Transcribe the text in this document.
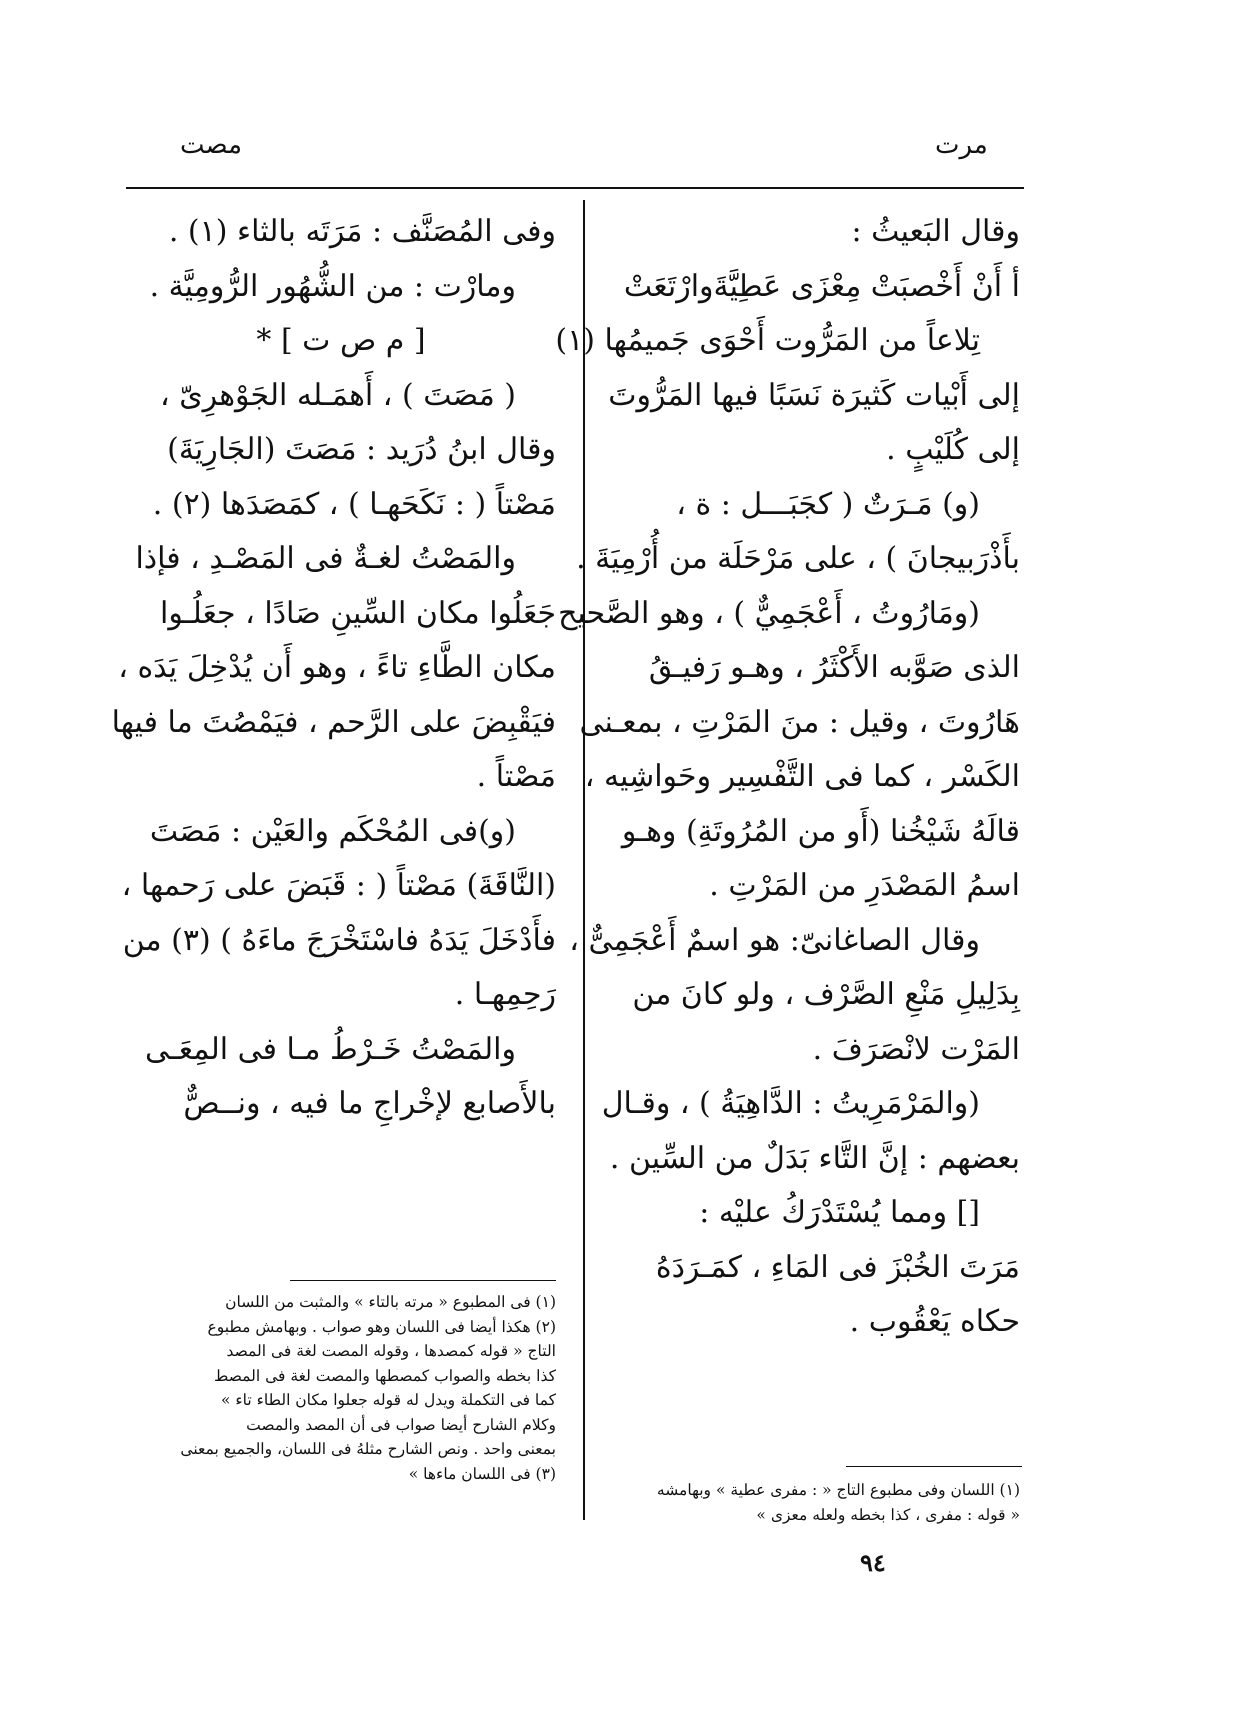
مرت
مصت

وقال البَعيثُ :

أ أَنْ أَخْصبَتْ مِعْزَى عَطِيَّةَوارْتَعَتْ

تِلاعاً من المَرُّوت أَحْوَى جَميمُها (١)

إلى أَبْيات كَثيرَة نَسَبًا فيها المَرُّوتَ

إلى كُلَيْبٍ .

(و) مَـرَتٌ ( كجَبَـــل : ة ،

بأَذْرَبيجانَ ) ، على مَرْحَلَة من أُرْمِيَةَ .

(ومَارُوتُ ، أَعْجَمِيٌّ ) ، وهو الصَّحيح

الذى صَوَّبه الأَكْثَرُ ، وهـو رَفيـقُ

هَارُوتَ ، وقيل : منَ المَرْتِ ، بمعـنى

الكَسْر ، كما فى التَّفْسِير وحَواشِيه ،

قالَهُ شَيْخُنا (أَو من المُرُوتَةِ) وهـو

اسمُ المَصْدَرِ من المَرْتِ .

وقال الصاغانىّ: هو اسمٌ أَعْجَمِىٌّ ،

بِدَلِيلِ مَنْعِ الصَّرْف ، ولو كانَ من

المَرْت لانْصَرَفَ .

(والمَرْمَرِيتُ : الدَّاهِيَةُ ) ، وقـال

بعضهم : إنَّ التَّاء بَدَلٌ من السِّين .

[] ومما يُسْتَدْرَكُ عليْه :

مَرَتَ الخُبْزَ فى المَاءِ ، كمَـرَدَهُ

حكاه يَعْقُوب .

وفى المُصَنَّف : مَرَتَه بالثاء (١) .

ومارْت : من الشُّهُور الرُّومِيَّة .

[ م ص ت ] *

( مَصَتَ ) ، أَهمَـله الجَوْهرِىّ ،

وقال ابنُ دُرَيد : مَصَتَ (الجَارِيَةَ)

مَصْتاً ( : نَكَحَهـا ) ، كمَصَدَها (٢) .

والمَصْتُ لغـةٌ فى المَصْـدِ ، فإذا

جَعَلُوا مكان السِّينِ صَادًا ، جعَلُـوا

مكان الطَّاءِ تاءً ، وهو أَن يُدْخِلَ يَدَه ،

فيَقْبِضَ على الرَّحم ، فيَمْصُتَ ما فيها

مَصْتاً .

(و)فى المُحْكَم والعَيْن : مَصَتَ

(النَّاقَةَ) مَصْتاً ( : قَبَضَ على رَحمها ،

فأَدْخَلَ يَدَهُ فاسْتَخْرَجَ ماءَهُ ) (٣) من

رَحِمِهـا .

والمَصْتُ خَـرْطُ مـا فى المِعَـى

بالأَصابع لإخْراجِ ما فيه ، ونــصٌّ

(١) فى المطبوع « مرته بالتاء » والمثبت من اللسان

(٢) هكذا أيضا فى اللسان وهو صواب . وبهامش مطبوع

التاج « قوله كمصدها ، وقوله المصت لغة فى المصد

كذا بخطه والصواب كمصطها والمصت لغة فى المصط

كما فى التكملة ويدل له قوله جعلوا مكان الطاء تاء »

وكلام الشارح أيضا صواب فى أن المصد والمصت

بمعنى واحد . ونص الشارح مثلهُ فى اللسان، والجميع بمعنى

(٣) فى اللسان ماءها »

(١) اللسان وفى مطبوع التاج « : مفرى عطية » وبهامشه

« قوله : مفرى ، كذا بخطه ولعله معزى »

٩٤
